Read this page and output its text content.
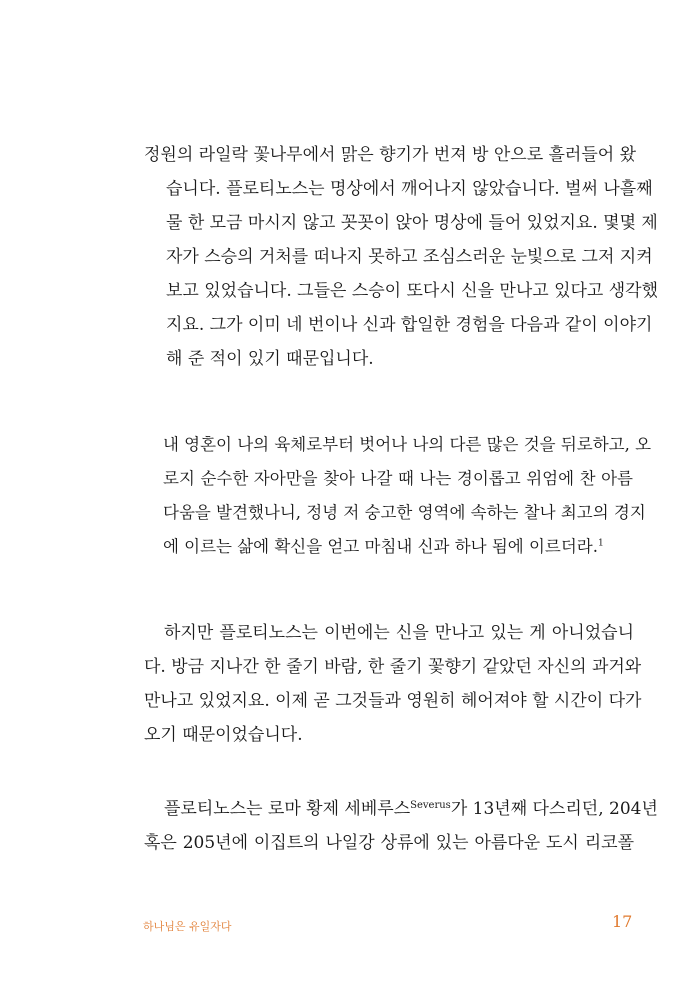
정원의 라일락 꽃나무에서 맑은 향기가 번져 방 안으로 흘러들어 왔
습니다. 플로티노스는 명상에서 깨어나지 않았습니다. 벌써 나흘째
물 한 모금 마시지 않고 꼿꼿이 앉아 명상에 들어 있었지요. 몇몇 제
자가 스승의 거처를 떠나지 못하고 조심스러운 눈빛으로 그저 지켜
보고 있었습니다. 그들은 스승이 또다시 신을 만나고 있다고 생각했
지요. 그가 이미 네 번이나 신과 합일한 경험을 다음과 같이 이야기
해 준 적이 있기 때문입니다.

내 영혼이 나의 육체로부터 벗어나 나의 다른 많은 것을 뒤로하고, 오
로지 순수한 자아만을 찾아 나갈 때 나는 경이롭고 위엄에 찬 아름
다움을 발견했나니, 정녕 저 숭고한 영역에 속하는 찰나 최고의 경지
에 이르는 삶에 확신을 얻고 마침내 신과 하나 됨에 이르더라.$^1$

하지만 플로티노스는 이번에는 신을 만나고 있는 게 아니었습니
다. 방금 지나간 한 줄기 바람, 한 줄기 꽃향기 같았던 자신의 과거와
만나고 있었지요. 이제 곧 그것들과 영원히 헤어져야 할 시간이 다가
오기 때문이었습니다.

플로티노스는 로마 황제 세베루스$^{Severus}$가 13년째 다스리던, 204년
혹은 205년에 이집트의 나일강 상류에 있는 아름다운 도시 리코폴

하나님은 유일자다	17
